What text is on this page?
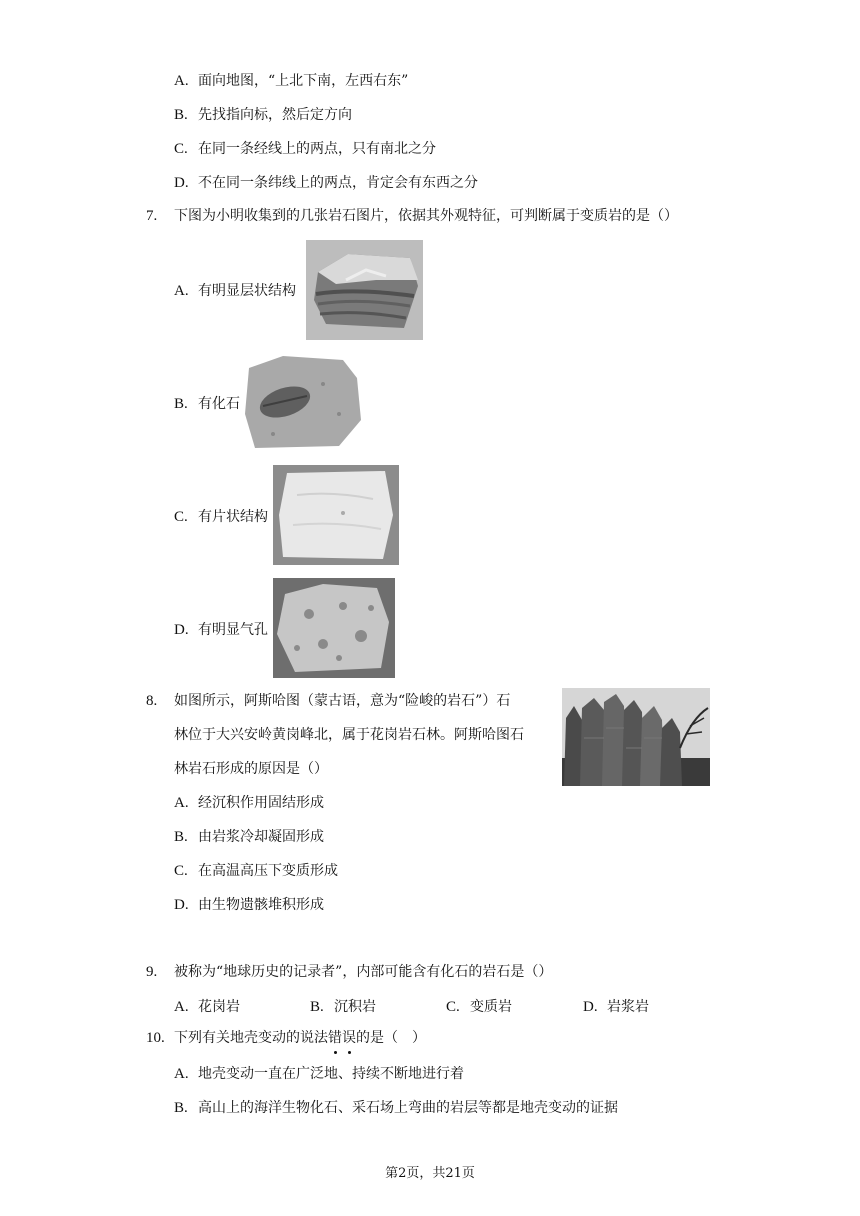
A. 面向地图，“上北下南，左西右东”
B. 先找指向标，然后定方向
C. 在同一条经线上的两点，只有南北之分
D. 不在同一条纬线上的两点，肯定会有东西之分
7. 下图为小明收集到的几张岩石图片，依据其外观特征，可判断属于变质岩的是（）
A. 有明显层状结构
B. 有化石
C. 有片状结构
D. 有明显气孔
8. 如图所示，阿斯哈图（蒙古语，意为“险峻的岩石”）石
林位于大兴安岭黄岗峰北，属于花岗岩石林。阿斯哈图石
林岩石形成的原因是（）
A. 经沉积作用固结形成
B. 由岩浆冷却凝固形成
C. 在高温高压下变质形成
D. 由生物遗骸堆积形成
9. 被称为“地球历史的记录者”，内部可能含有化石的岩石是（）
A. 花岗岩	B. 沉积岩	C. 变质岩	D. 岩浆岩
10. 下列有关地壳变动的说法错误的是（　）
A. 地壳变动一直在广泛地、持续不断地进行着
B. 高山上的海洋生物化石、采石场上弯曲的岩层等都是地壳变动的证据
第2页，共21页
